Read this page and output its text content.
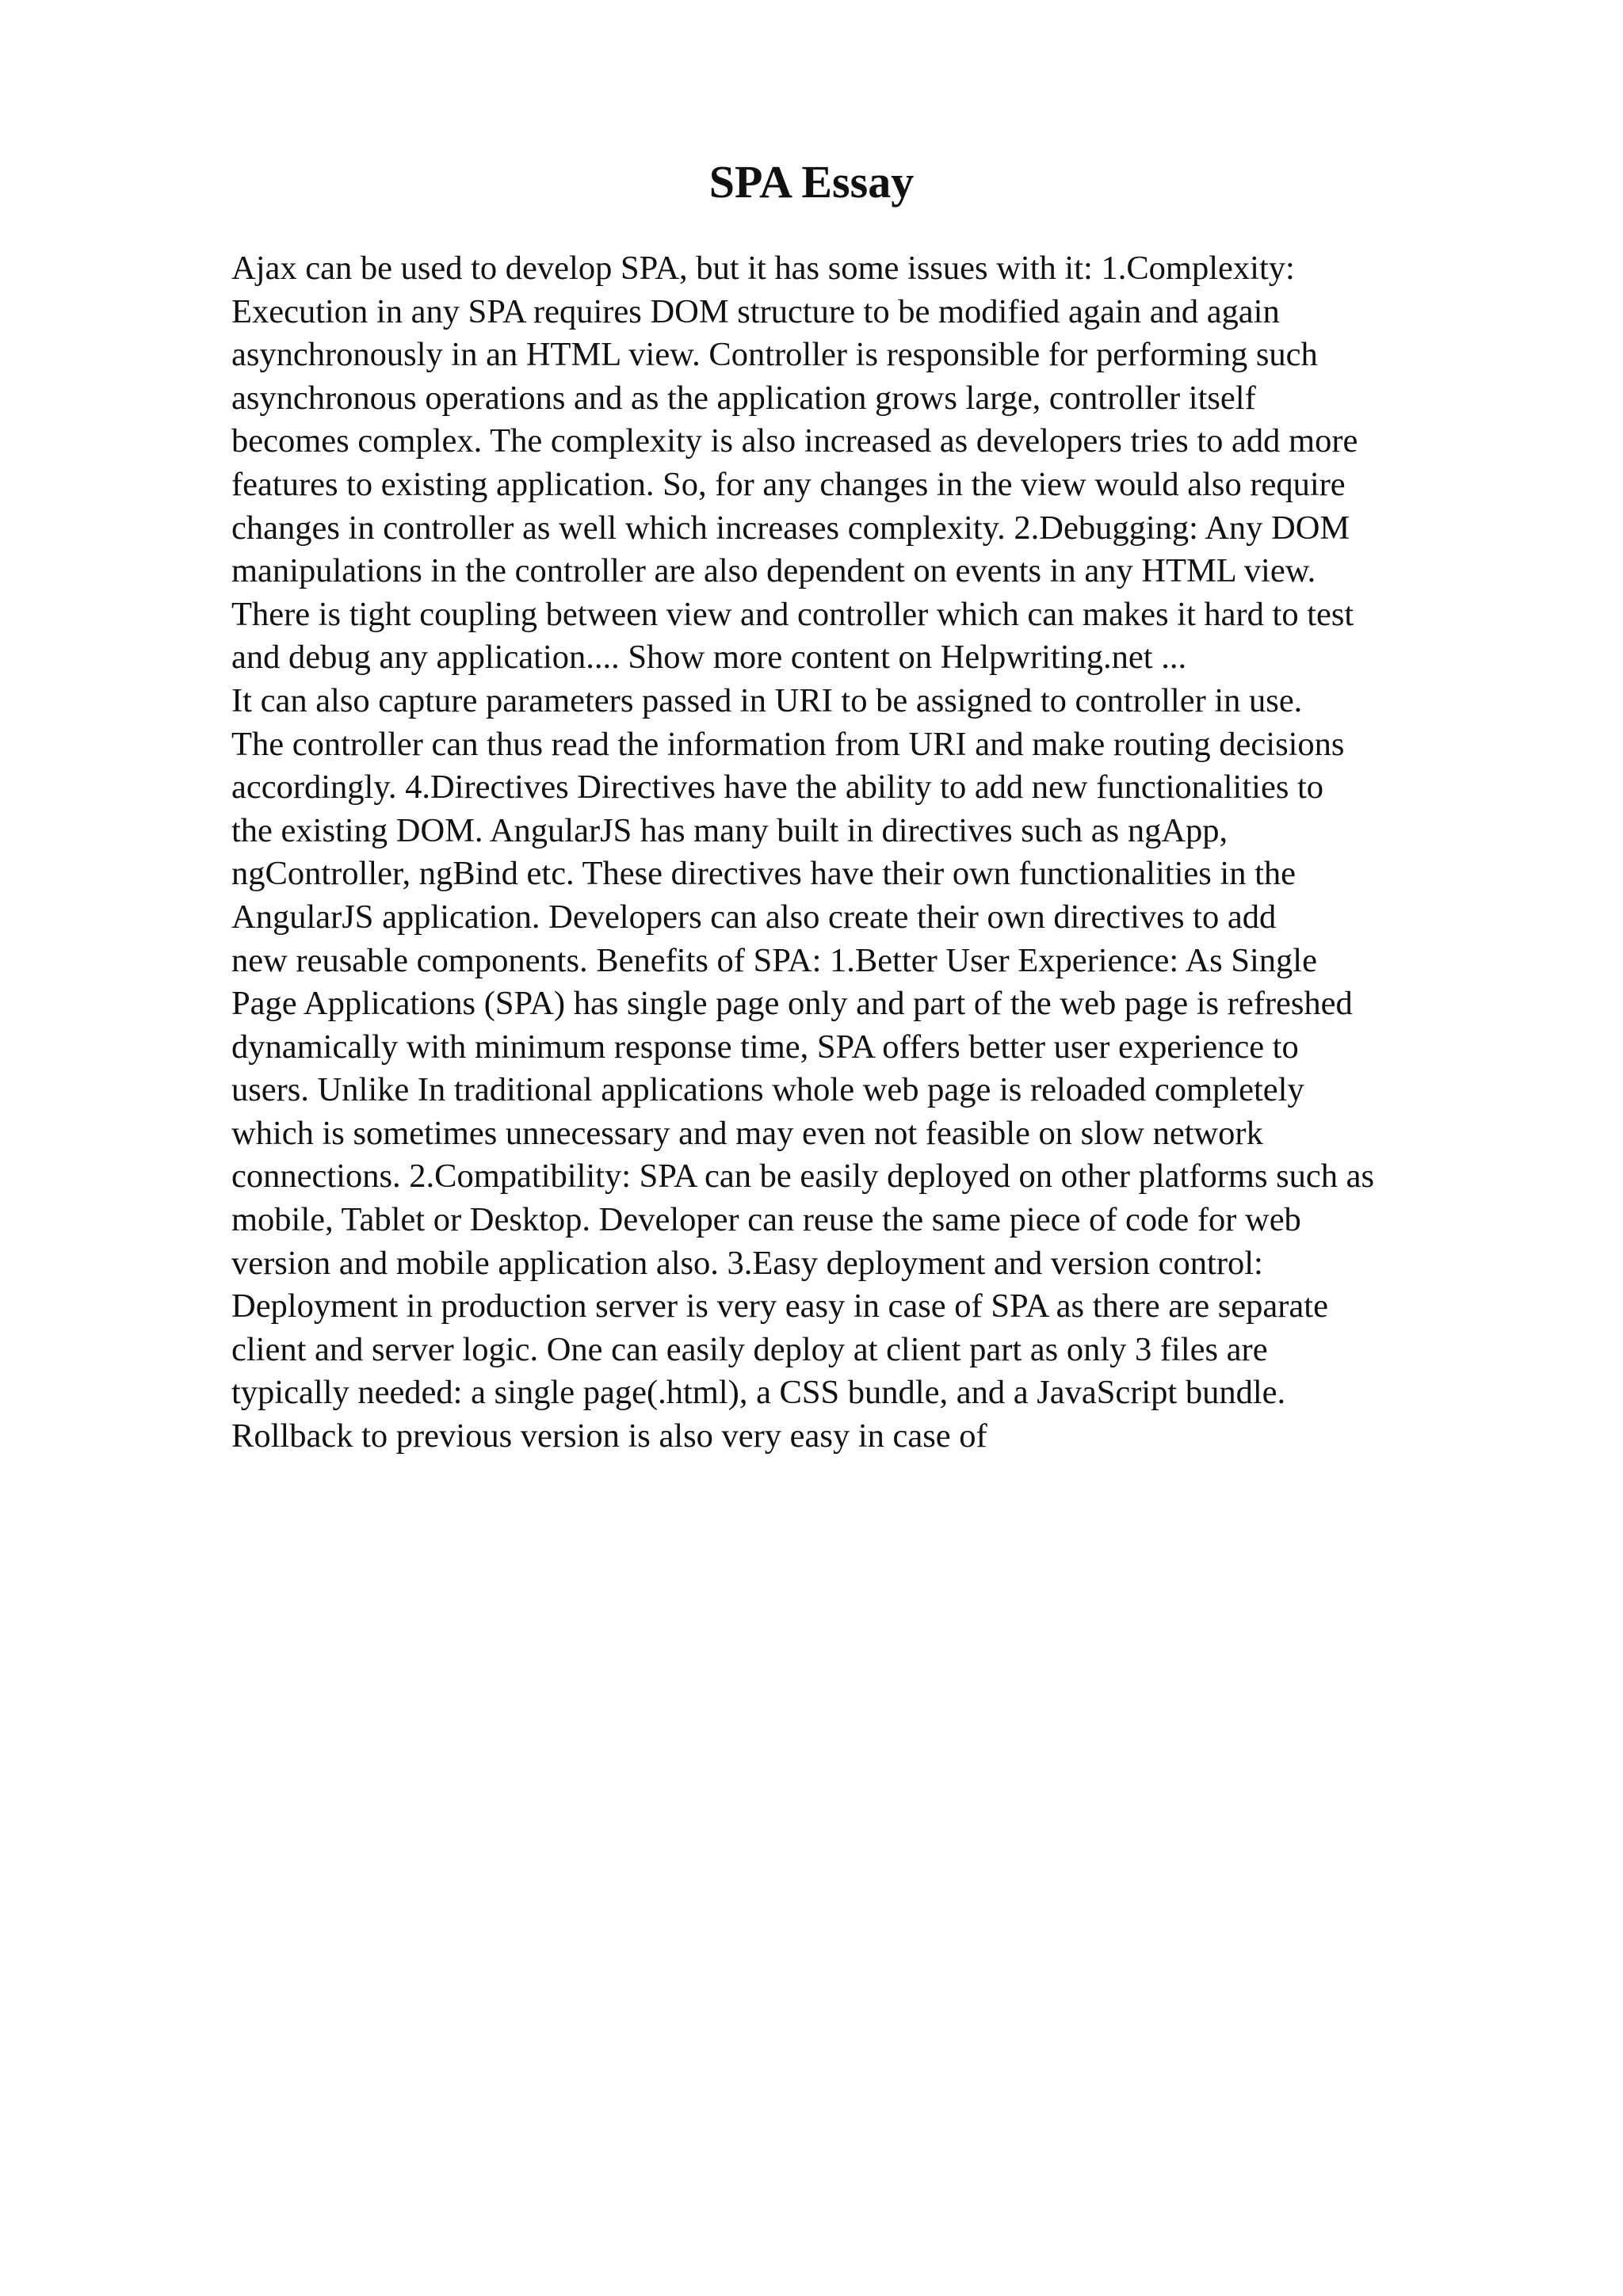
SPA Essay
Ajax can be used to develop SPA, but it has some issues with it: 1.Complexity:
Execution in any SPA requires DOM structure to be modified again and again
asynchronously in an HTML view. Controller is responsible for performing such
asynchronous operations and as the application grows large, controller itself
becomes complex. The complexity is also increased as developers tries to add more
features to existing application. So, for any changes in the view would also require
changes in controller as well which increases complexity. 2.Debugging: Any DOM
manipulations in the controller are also dependent on events in any HTML view.
There is tight coupling between view and controller which can makes it hard to test
and debug any application.... Show more content on Helpwriting.net ...
It can also capture parameters passed in URI to be assigned to controller in use.
The controller can thus read the information from URI and make routing decisions
accordingly. 4.Directives Directives have the ability to add new functionalities to
the existing DOM. AngularJS has many built in directives such as ngApp,
ngController, ngBind etc. These directives have their own functionalities in the
AngularJS application. Developers can also create their own directives to add
new reusable components. Benefits of SPA: 1.Better User Experience: As Single
Page Applications (SPA) has single page only and part of the web page is refreshed
dynamically with minimum response time, SPA offers better user experience to
users. Unlike In traditional applications whole web page is reloaded completely
which is sometimes unnecessary and may even not feasible on slow network
connections. 2.Compatibility: SPA can be easily deployed on other platforms such as
mobile, Tablet or Desktop. Developer can reuse the same piece of code for web
version and mobile application also. 3.Easy deployment and version control:
Deployment in production server is very easy in case of SPA as there are separate
client and server logic. One can easily deploy at client part as only 3 files are
typically needed: a single page(.html), a CSS bundle, and a JavaScript bundle.
Rollback to previous version is also very easy in case of
